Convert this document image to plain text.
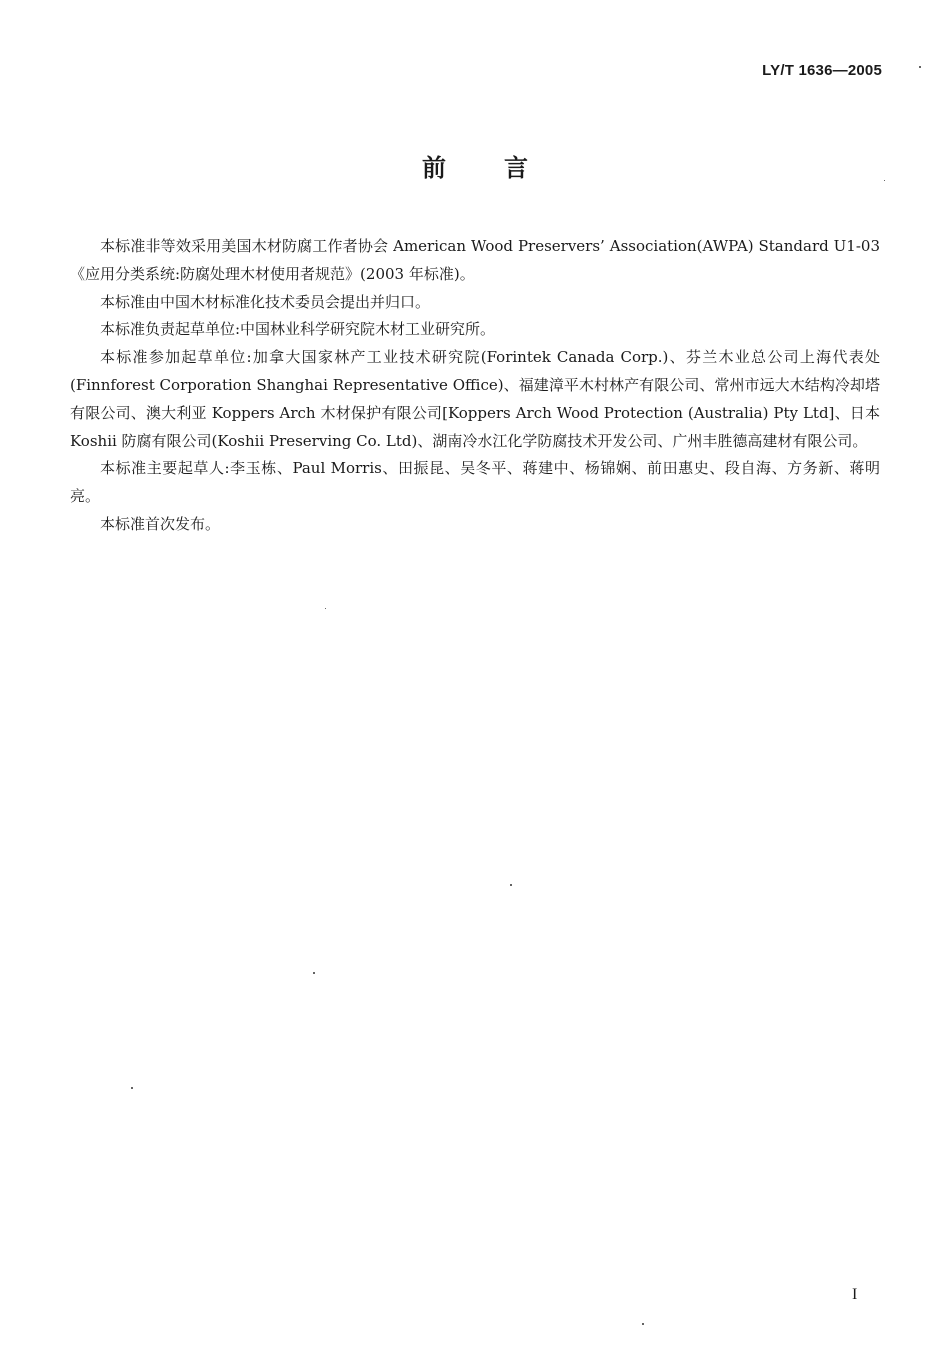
LY/T 1636—2005
前言

本标准非等效采用美国木材防腐工作者协会 American Wood Preservers’ Association(AWPA) Standard U1-03《应用分类系统:防腐处理木材使用者规范》(2003 年标准)。

本标准由中国木材标准化技术委员会提出并归口。

本标准负责起草单位:中国林业科学研究院木材工业研究所。

本标准参加起草单位:加拿大国家林产工业技术研究院(Forintek Canada Corp.)、芬兰木业总公司上海代表处(Finnforest Corporation Shanghai Representative Office)、福建漳平木村林产有限公司、常州市远大木结构冷却塔有限公司、澳大利亚 Koppers Arch 木材保护有限公司[Koppers Arch Wood Protection (Australia) Pty Ltd]、日本 Koshii 防腐有限公司(Koshii Preserving Co. Ltd)、湖南冷水江化学防腐技术开发公司、广州丰胜德高建材有限公司。

本标准主要起草人:李玉栋、Paul Morris、田振昆、吴冬平、蒋建中、杨锦娴、前田惠史、段自海、方务新、蒋明亮。

本标准首次发布。

I
